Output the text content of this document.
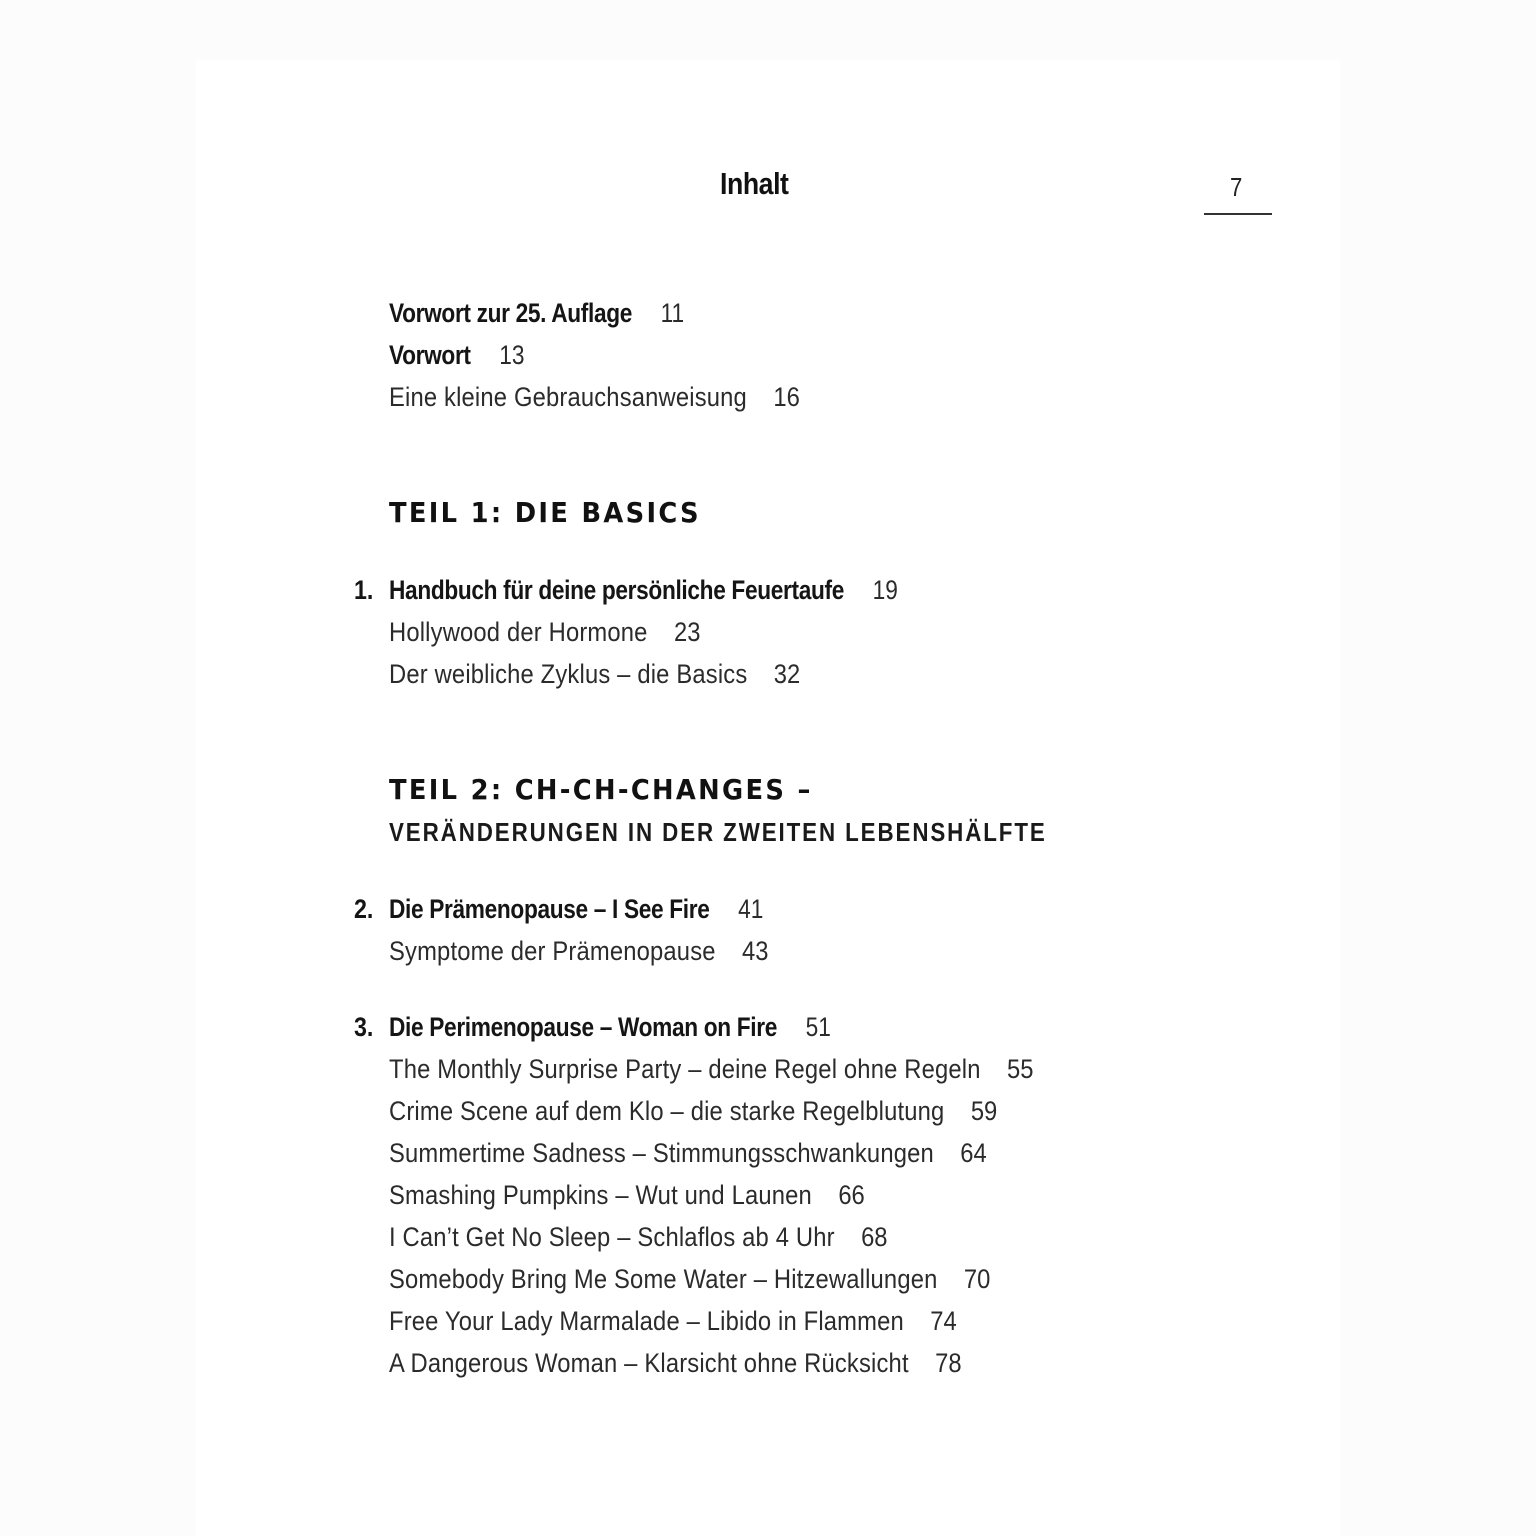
Inhalt	7
Vorwort zur 25. Auflage 11
Vorwort 13
Eine kleine Gebrauchsanweisung 16
TEIL 1: DIE BASICS
1. Handbuch für deine persönliche Feuertaufe 19
Hollywood der Hormone 23
Der weibliche Zyklus – die Basics 32
TEIL 2: CH-CH-CHANGES –
VERÄNDERUNGEN IN DER ZWEITEN LEBENSHÄLFTE
2. Die Prämenopause – I See Fire 41
Symptome der Prämenopause 43
3. Die Perimenopause – Woman on Fire 51
The Monthly Surprise Party – deine Regel ohne Regeln 55
Crime Scene auf dem Klo – die starke Regelblutung 59
Summertime Sadness – Stimmungsschwankungen 64
Smashing Pumpkins – Wut und Launen 66
I Can’t Get No Sleep – Schlaflos ab 4 Uhr 68
Somebody Bring Me Some Water – Hitzewallungen 70
Free Your Lady Marmalade – Libido in Flammen 74
A Dangerous Woman – Klarsicht ohne Rücksicht 78
